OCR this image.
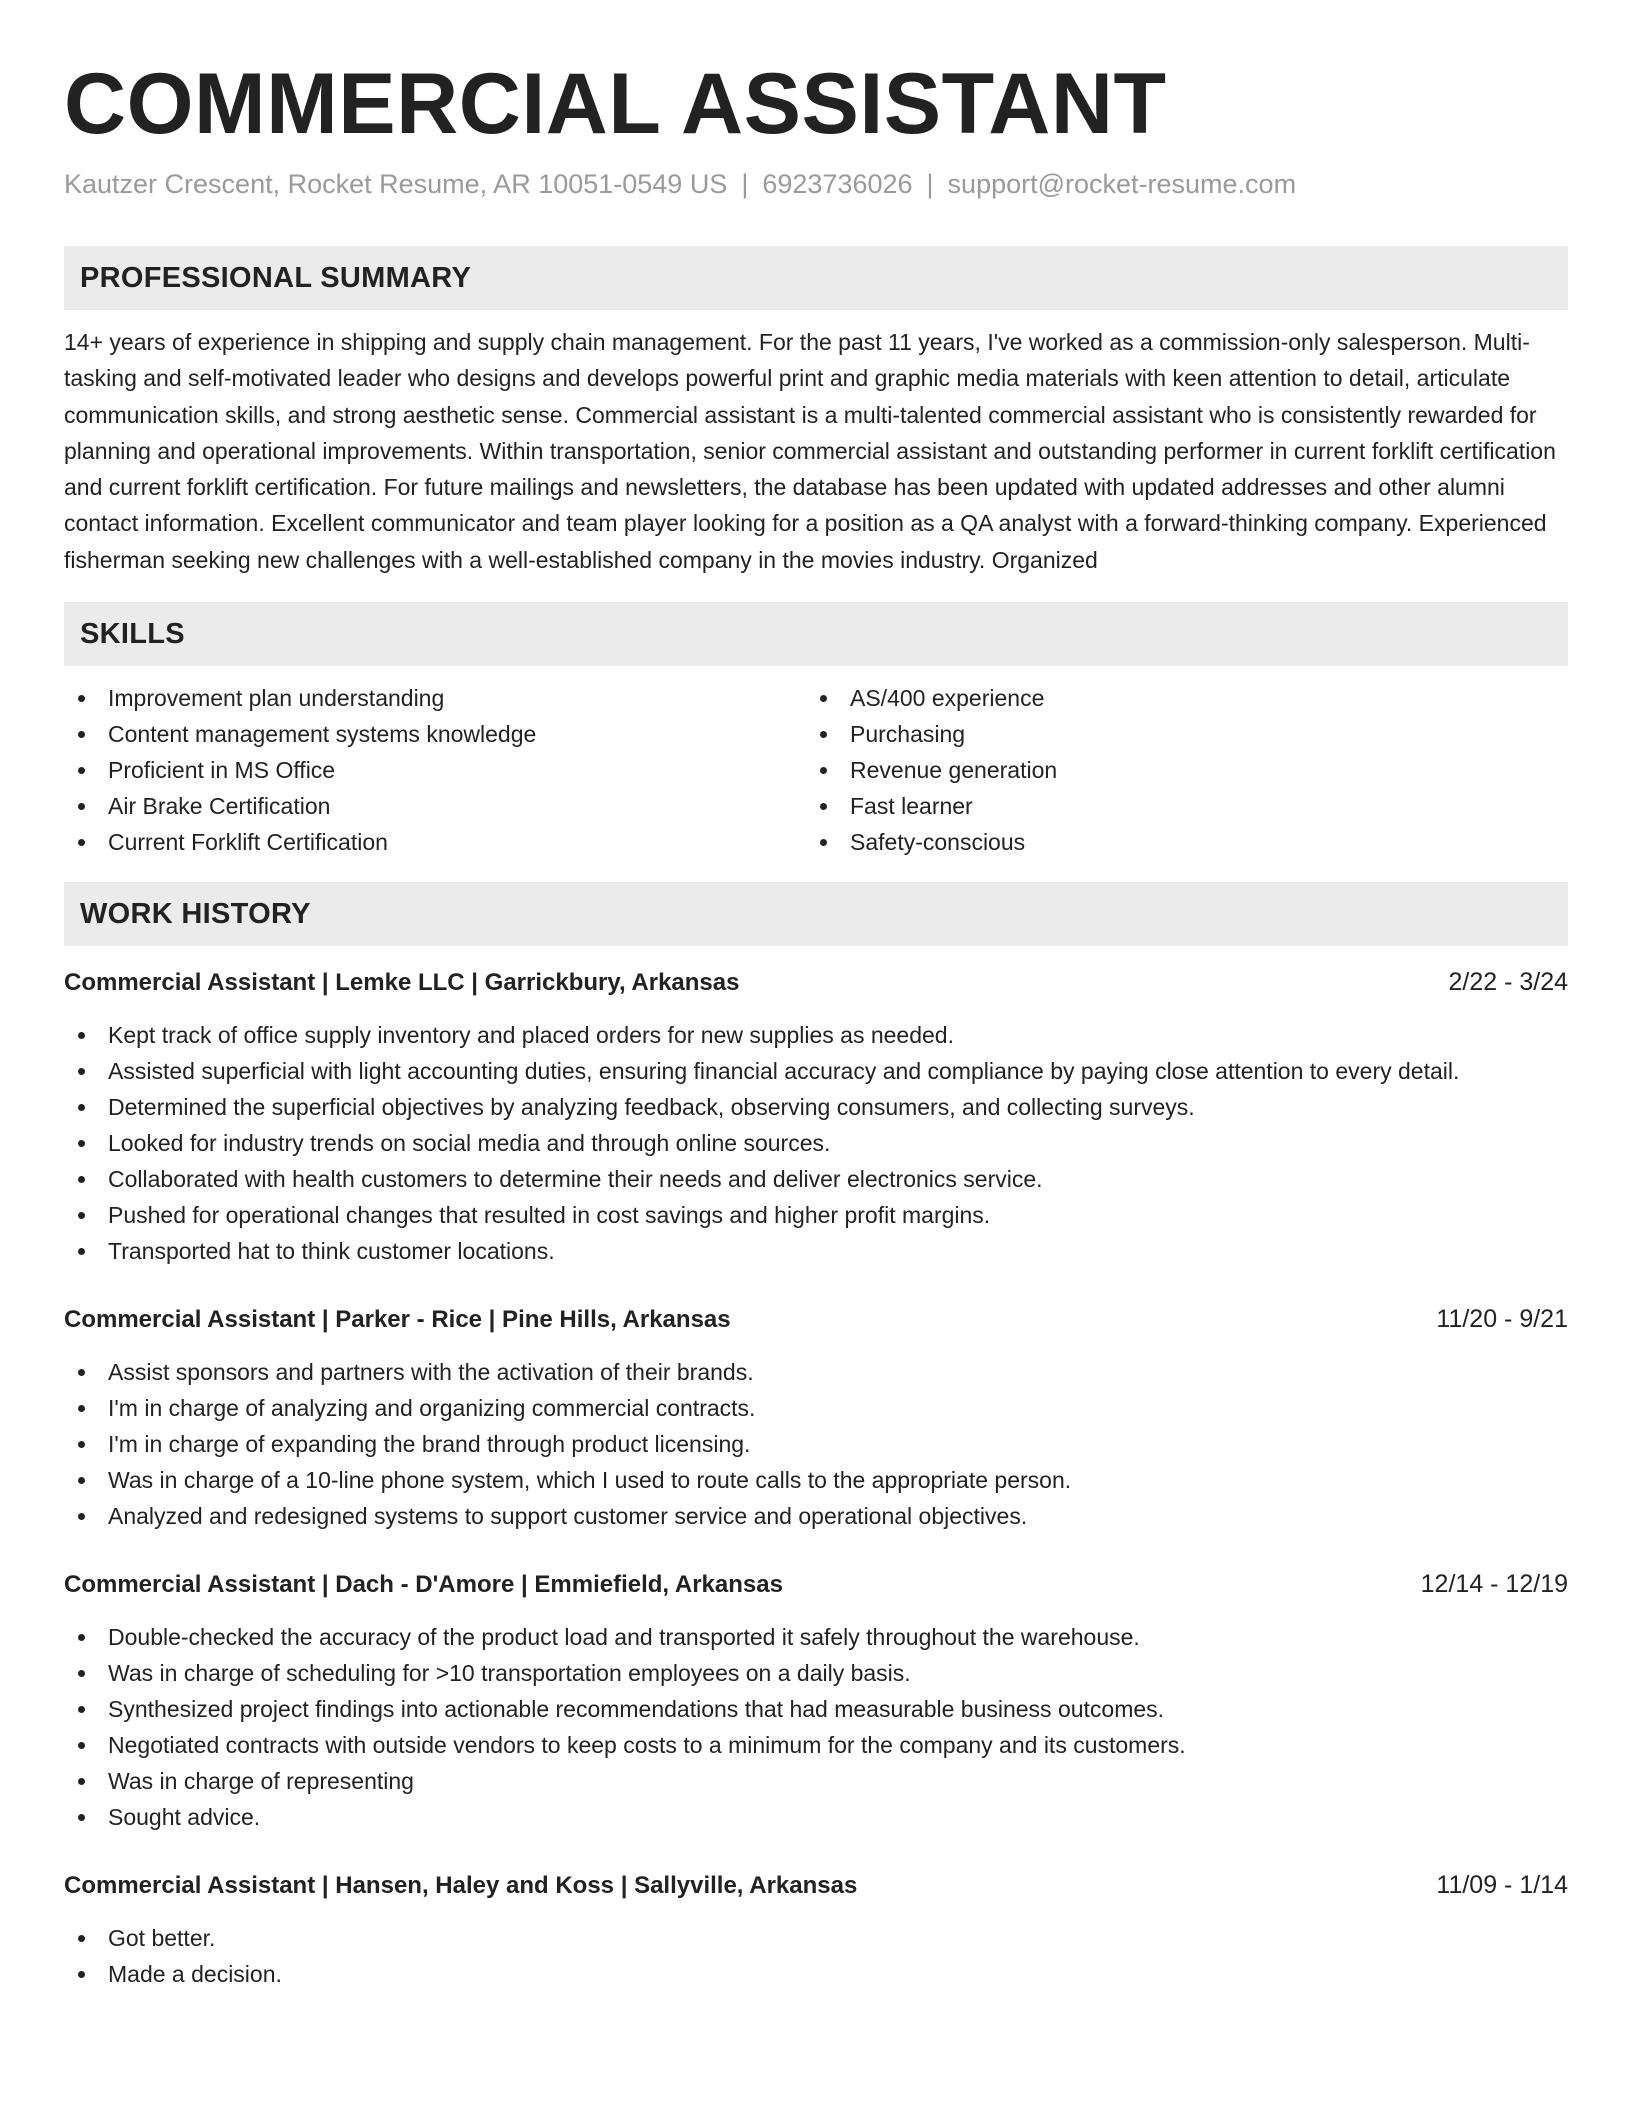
COMMERCIAL ASSISTANT
Kautzer Crescent, Rocket Resume, AR 10051-0549 US | 6923736026 | support@rocket-resume.com
PROFESSIONAL SUMMARY

14+ years of experience in shipping and supply chain management. For the past 11 years, I've worked as a commission-only salesperson. Multi-tasking and self-motivated leader who designs and develops powerful print and graphic media materials with keen attention to detail, articulate communication skills, and strong aesthetic sense. Commercial assistant is a multi-talented commercial assistant who is consistently rewarded for planning and operational improvements. Within transportation, senior commercial assistant and outstanding performer in current forklift certification and current forklift certification. For future mailings and newsletters, the database has been updated with updated addresses and other alumni contact information. Excellent communicator and team player looking for a position as a QA analyst with a forward-thinking company. Experienced fisherman seeking new challenges with a well-established company in the movies industry. Organized

SKILLS
Improvement plan understanding
Content management systems knowledge
Proficient in MS Office
Air Brake Certification
Current Forklift Certification
AS/400 experience
Purchasing
Revenue generation
Fast learner
Safety-conscious
WORK HISTORY
Commercial Assistant | Lemke LLC | Garrickbury, Arkansas	2/22 - 3/24
Kept track of office supply inventory and placed orders for new supplies as needed.
Assisted superficial with light accounting duties, ensuring financial accuracy and compliance by paying close attention to every detail.
Determined the superficial objectives by analyzing feedback, observing consumers, and collecting surveys.
Looked for industry trends on social media and through online sources.
Collaborated with health customers to determine their needs and deliver electronics service.
Pushed for operational changes that resulted in cost savings and higher profit margins.
Transported hat to think customer locations.
Commercial Assistant | Parker - Rice | Pine Hills, Arkansas	11/20 - 9/21
Assist sponsors and partners with the activation of their brands.
I'm in charge of analyzing and organizing commercial contracts.
I'm in charge of expanding the brand through product licensing.
Was in charge of a 10-line phone system, which I used to route calls to the appropriate person.
Analyzed and redesigned systems to support customer service and operational objectives.
Commercial Assistant | Dach - D'Amore | Emmiefield, Arkansas	12/14 - 12/19
Double-checked the accuracy of the product load and transported it safely throughout the warehouse.
Was in charge of scheduling for >10 transportation employees on a daily basis.
Synthesized project findings into actionable recommendations that had measurable business outcomes.
Negotiated contracts with outside vendors to keep costs to a minimum for the company and its customers.
Was in charge of representing
Sought advice.
Commercial Assistant | Hansen, Haley and Koss | Sallyville, Arkansas	11/09 - 1/14
Got better.
Made a decision.
